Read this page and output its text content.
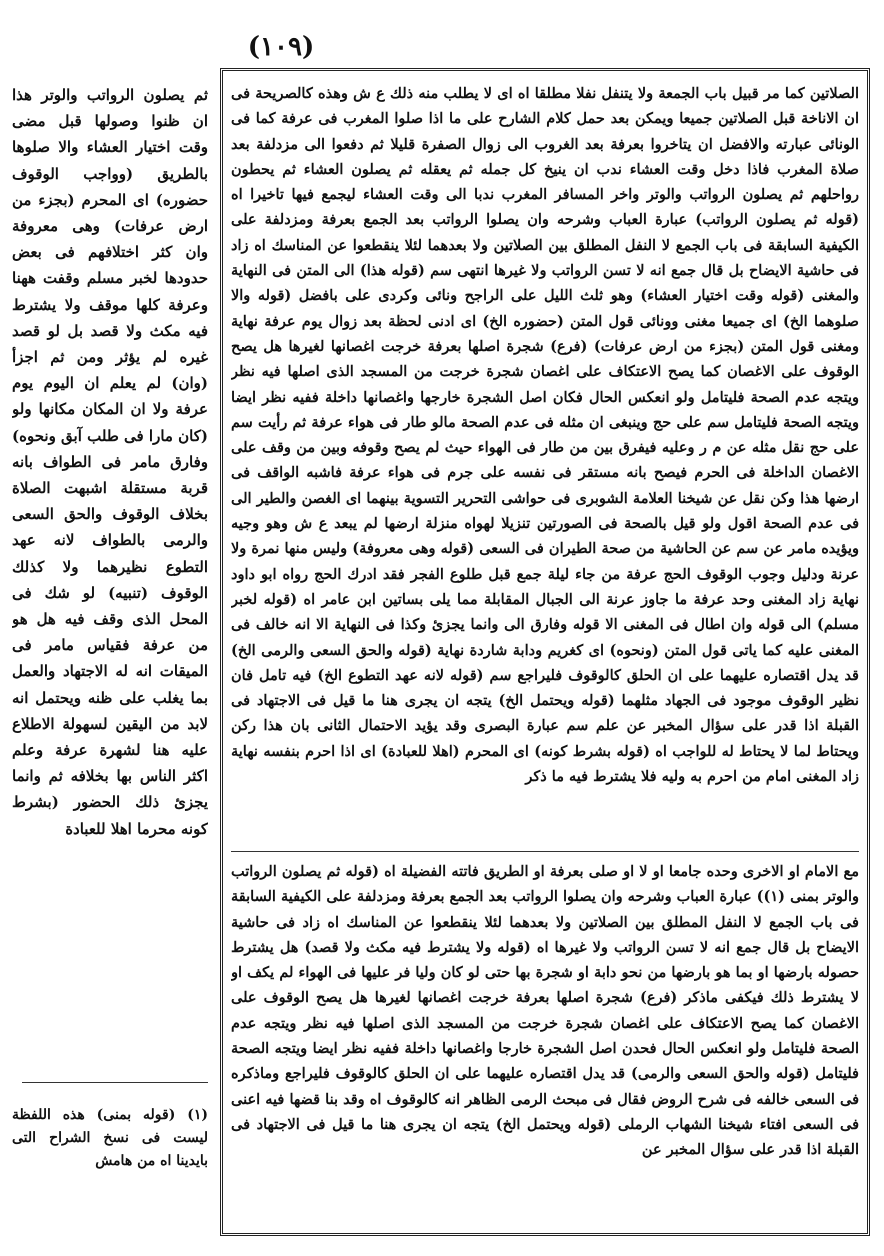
(١٠٩)

ثم يصلون الرواتب والوتر هذا ان ظنوا وصولها قبل مضى وقت اختيار العشاء والا صلوها بالطريق (وواجب الوقوف حضوره) اى المحرم (بجزء من ارض عرفات) وهى معروفة وان كثر اختلافهم فى بعض حدودها لخبر مسلم وقفت ههنا وعرفة كلها موقف ولا يشترط فيه مكث ولا قصد بل لو قصد غيره لم يؤثر ومن ثم اجزأ (وان) لم يعلم ان اليوم يوم عرفة ولا ان المكان مكانها ولو (كان مارا فى طلب آبق ونحوه) وفارق مامر فى الطواف بانه قربة مستقلة اشبهت الصلاة بخلاف الوقوف والحق السعى والرمى بالطواف لانه عهد التطوع نظيرهما ولا كذلك الوقوف (تنبيه) لو شك فى المحل الذى وقف فيه هل هو من عرفة فقياس مامر فى الميقات انه له الاجتهاد والعمل بما يغلب على ظنه ويحتمل انه لابد من اليقين لسهولة الاطلاع عليه هنا لشهرة عرفة وعلم اكثر الناس بها بخلافه ثم وانما يجزئ ذلك الحضور (بشرط كونه محرما اهلا للعبادة

(١) (قوله بمنى) هذه اللفظة ليست فى نسخ الشراح التى بايدينا اه من هامش

الصلاتين كما مر قبيل باب الجمعة ولا يتنفل نفلا مطلقا اه اى لا يطلب منه ذلك ع ش وهذه كالصريحة فى ان الاناخة قبل الصلاتين جميعا ويمكن بعد حمل كلام الشارح على ما اذا صلوا المغرب فى عرفة كما فى الونائى عبارته والافضل ان يتاخروا بعرفة بعد الغروب الى زوال الصفرة قليلا ثم دفعوا الى مزدلفة بعد صلاة المغرب فاذا دخل وقت العشاء ندب ان ينيخ كل جمله ثم يعقله ثم يصلون العشاء ثم يحطون رواحلهم ثم يصلون الرواتب والوتر واخر المسافر المغرب ندبا الى وقت العشاء ليجمع فيها تاخيرا اه (قوله ثم يصلون الرواتب) عبارة العباب وشرحه وان يصلوا الرواتب بعد الجمع بعرفة ومزدلفة على الكيفية السابقة فى باب الجمع لا النفل المطلق بين الصلاتين ولا بعدهما لئلا ينقطعوا عن المناسك اه زاد فى حاشية الايضاح بل قال جمع انه لا تسن الرواتب ولا غيرها انتهى سم (قوله هذا) الى المتن فى النهاية والمغنى (قوله وقت اختيار العشاء) وهو ثلث الليل على الراجح ونائى وكردى على بافضل (قوله والا صلوهما الخ) اى جميعا مغنى وونائى قول المتن (حضوره الخ) اى ادنى لحظة بعد زوال يوم عرفة نهاية ومغنى قول المتن (بجزء من ارض عرفات) (فرع) شجرة اصلها بعرفة خرجت اغصانها لغيرها هل يصح الوقوف على الاغصان كما يصح الاعتكاف على اغصان شجرة خرجت من المسجد الذى اصلها فيه نظر ويتجه عدم الصحة فليتامل ولو انعكس الحال فكان اصل الشجرة خارجها واغصانها داخلة ففيه نظر ايضا ويتجه الصحة فليتامل سم على حج وينبغى ان مثله فى عدم الصحة مالو طار فى هواء عرفة ثم رأيت سم على حج نقل مثله عن م ر وعليه فيفرق بين من طار فى الهواء حيث لم يصح وقوفه وبين من وقف على الاغصان الداخلة فى الحرم فيصح بانه مستقر فى نفسه على جرم فى هواء عرفة فاشبه الواقف فى ارضها هذا وكن نقل عن شيخنا العلامة الشوبرى فى حواشى التحرير التسوية بينهما اى الغصن والطير الى فى عدم الصحة اقول ولو قيل بالصحة فى الصورتين تنزيلا لهواه منزلة ارضها لم يبعد ع ش وهو وجيه ويؤيده مامر عن سم عن الحاشية من صحة الطيران فى السعى (قوله وهى معروفة) وليس منها نمرة ولا عرنة ودليل وجوب الوقوف الحج عرفة من جاء ليلة جمع قبل طلوع الفجر فقد ادرك الحج رواه ابو داود نهاية زاد المغنى وحد عرفة ما جاوز عرنة الى الجبال المقابلة مما يلى بساتين ابن عامر اه (قوله لخبر مسلم) الى قوله وان اطال فى المغنى الا قوله وفارق الى وانما يجزئ وكذا فى النهاية الا انه خالف فى المغنى عليه كما ياتى قول المتن (ونحوه) اى كغريم ودابة شاردة نهاية (قوله والحق السعى والرمى الخ) قد يدل اقتصاره عليهما على ان الحلق كالوقوف فليراجع سم (قوله لانه عهد التطوع الخ) فيه تامل فان نظير الوقوف موجود فى الجهاد مثلهما (قوله ويحتمل الخ) يتجه ان يجرى هنا ما قيل فى الاجتهاد فى القبلة اذا قدر على سؤال المخبر عن علم سم عبارة البصرى وقد يؤيد الاحتمال الثانى بان هذا ركن ويحتاط لما لا يحتاط له للواجب اه (قوله بشرط كونه) اى المحرم (اهلا للعبادة) اى اذا احرم بنفسه نهاية زاد المغنى امام من احرم به وليه فلا يشترط فيه ما ذكر

مع الامام او الاخرى وحده جامعا او لا او صلى بعرفة او الطريق فاتته الفضيلة اه (قوله ثم يصلون الرواتب والوتر بمنى (١)) عبارة العباب وشرحه وان يصلوا الرواتب بعد الجمع بعرفة ومزدلفة على الكيفية السابقة فى باب الجمع لا النفل المطلق بين الصلاتين ولا بعدهما لئلا ينقطعوا عن المناسك اه زاد فى حاشية الايضاح بل قال جمع انه لا تسن الرواتب ولا غيرها اه (قوله ولا يشترط فيه مكث ولا قصد) هل يشترط حصوله بارضها او بما هو بارضها من نحو دابة او شجرة بها حتى لو كان وليا فر عليها فى الهواء لم يكف او لا يشترط ذلك فيكفى ماذكر (فرع) شجرة اصلها بعرفة خرجت اغصانها لغيرها هل يصح الوقوف على الاغصان كما يصح الاعتكاف على اغصان شجرة خرجت من المسجد الذى اصلها فيه نظر ويتجه عدم الصحة فليتامل ولو انعكس الحال فحدن اصل الشجرة خارجا واغصانها داخلة ففيه نظر ايضا ويتجه الصحة فليتامل (قوله والحق السعى والرمى) قد يدل اقتصاره عليهما على ان الحلق كالوقوف فليراجع وماذكره فى السعى خالفه فى شرح الروض فقال فى مبحث الرمى الظاهر انه كالوقوف اه وقد بنا قضها فيه اعنى فى السعى افتاء شيخنا الشهاب الرملى (قوله ويحتمل الخ) يتجه ان يجرى هنا ما قيل فى الاجتهاد فى القبلة اذا قدر على سؤال المخبر عن
